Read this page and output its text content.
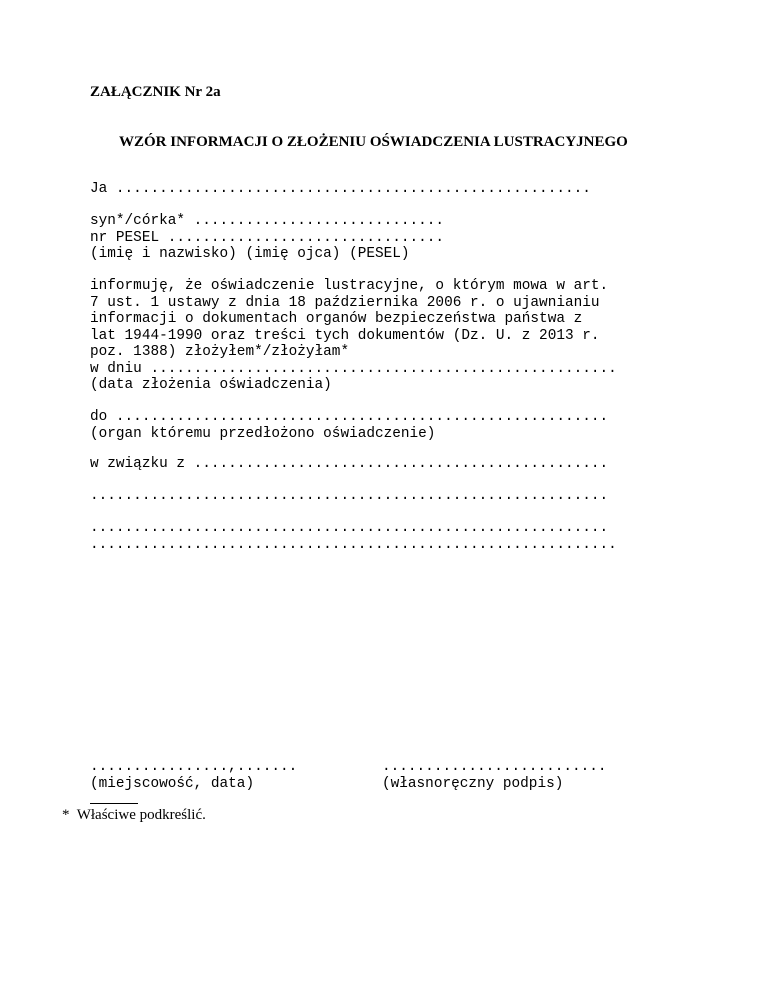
ZAŁĄCZNIK Nr 2a
WZÓR INFORMACJI O ZŁOŻENIU OŚWIADCZENIA LUSTRACYJNEGO
Ja .......................................................
syn*/córka* .............................
nr PESEL ................................
(imię i nazwisko) (imię ojca) (PESEL)
informuję, że oświadczenie lustracyjne, o którym mowa w art.
7 ust. 1 ustawy z dnia 18 października 2006 r. o ujawnianiu
informacji o dokumentach organów bezpieczeństwa państwa z
lat 1944-1990 oraz treści tych dokumentów (Dz. U. z 2013 r.
poz. 1388) złożyłem*/złożyłam*
w dniu ......................................................
(data złożenia oświadczenia)
do .........................................................
(organ któremu przedłożono oświadczenie)
w związku z ................................................
............................................................
............................................................
.............................................................
................,.......
(miejscowość, data)
..........................
(własnoręczny podpis)
*  Właściwe podkreślić.
